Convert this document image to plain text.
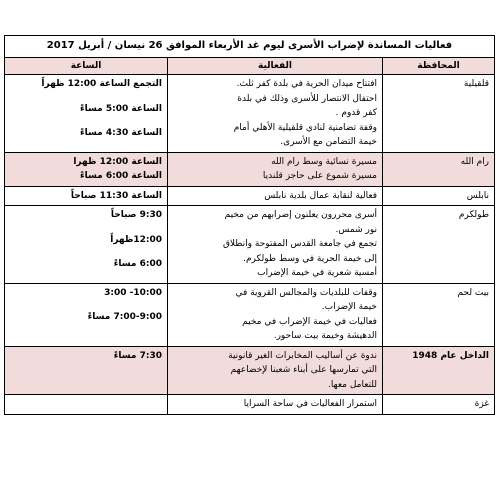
فعاليات المساندة لإضراب الأسرى ليوم غد الأربعاء الموافق 26 نيسان / أبريل 2017		
المحافظة	الفعالية	الساعة
قلقيلية	افتتاح ميدان الحرية في بلدة كفر ثلث.
احتفال الانتصار للأسرى وذلك في بلدة
كفر قدوم .
وقفة تضامنية لنادي قلقيلية الأهلي أمام
خيمة التضامن مع الأسرى.	التجمع الساعة 12:00 ظهراً
الساعة 5:00 مساءً
الساعة 4:30 مساءً

رام الله	مسيرة نسائية وسط رام الله
مسيرة شموع على حاجز قلنديا	الساعة 12:00 ظهرا
الساعة 6:00 مساءً

نابلس	فعالية لنقابة عمال بلدية نابلس	الساعة 11:30 صباحاً

طولكرم	أسرى محررون يعلنون إضرابهم من مخيم
نور شمس.
تجمع في جامعة القدس المفتوحة وانطلاق
إلى خيمة الحرية في وسط طولكرم.
أمسية شعرية في خيمة الإضراب	9:30 صباحاً
12:00ظهراً
6:00 مساءً

بيت لحم	وقفات للبلديات والمجالس القروية في
خيمة الإضراب.
فعاليات في خيمة الإضراب في مخيم
الدهيشة وخيمة بيت ساحور.	10:00- 3:00
7:00-9:00 مساءً

الداخل عام 1948	ندوة عن أساليب المخابرات الغير قانونية
التي تمارسها على أبناء شعبنا لإخضاعهم
للتعامل معها.	7:30 مساءً

غزة	استمرار الفعاليات في ساحة السرايا	
